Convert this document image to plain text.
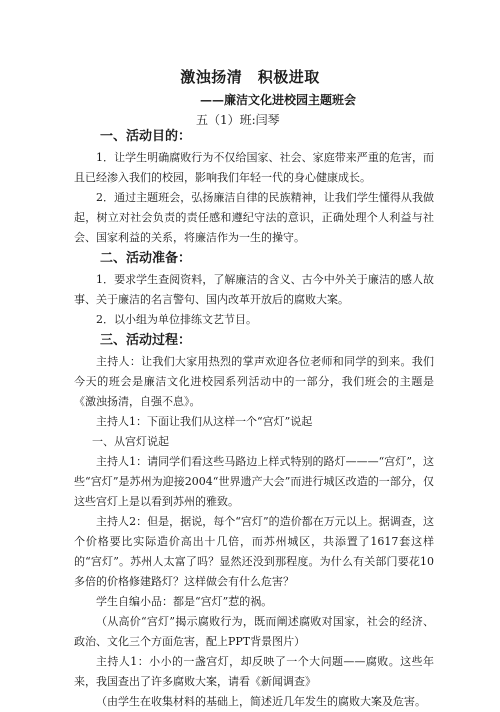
激浊扬清　积极进取
——廉洁文化进校园主题班会
五（1）班:闫琴

一、活动目的：

1．让学生明确腐败行为不仅给国家、社会、家庭带来严重的危害，而且已经渗入我们的校园，影响我们年轻一代的身心健康成长。

2．通过主题班会，弘扬廉洁自律的民族精神，让我们学生懂得从我做起，树立对社会负责的责任感和遵纪守法的意识，正确处理个人利益与社会、国家利益的关系，将廉洁作为一生的操守。

二、活动准备：

1．要求学生查阅资料，了解廉洁的含义、古今中外关于廉洁的感人故事、关于廉洁的名言警句、国内改革开放后的腐败大案。

2．以小组为单位排练文艺节目。

三、活动过程：

主持人：让我们大家用热烈的掌声欢迎各位老师和同学的到来。我们今天的班会是廉洁文化进校园系列活动中的一部分，我们班会的主题是《激浊扬清，自强不息》。

主持人1：下面让我们从这样一个“宫灯”说起

一、从宫灯说起

主持人1：请同学们看这些马路边上样式特别的路灯———“宫灯”，这些“宫灯”是苏州为迎接2004“世界遗产大会”而进行城区改造的一部分，仅这些宫灯上是以看到苏州的雅致。

主持人2：但是，据说，每个“宫灯”的造价都在万元以上。据调查，这个价格要比实际造价高出十几倍，而苏州城区，共添置了1617套这样的“宫灯”。苏州人太富了吗？显然还没到那程度。为什么有关部门要花10多倍的价格修建路灯？这样做会有什么危害？

学生自编小品：都是“宫灯”惹的祸。

（从高价“宫灯”揭示腐败行为，既而阐述腐败对国家，社会的经济、政治、文化三个方面危害，配上PPT背景图片）

主持人1：小小的一盏宫灯，却反映了一个大问题——腐败。这些年来，我国查出了许多腐败大案，请看《新闻调查》

（由学生在收集材料的基础上，简述近几年发生的腐败大案及危害。
